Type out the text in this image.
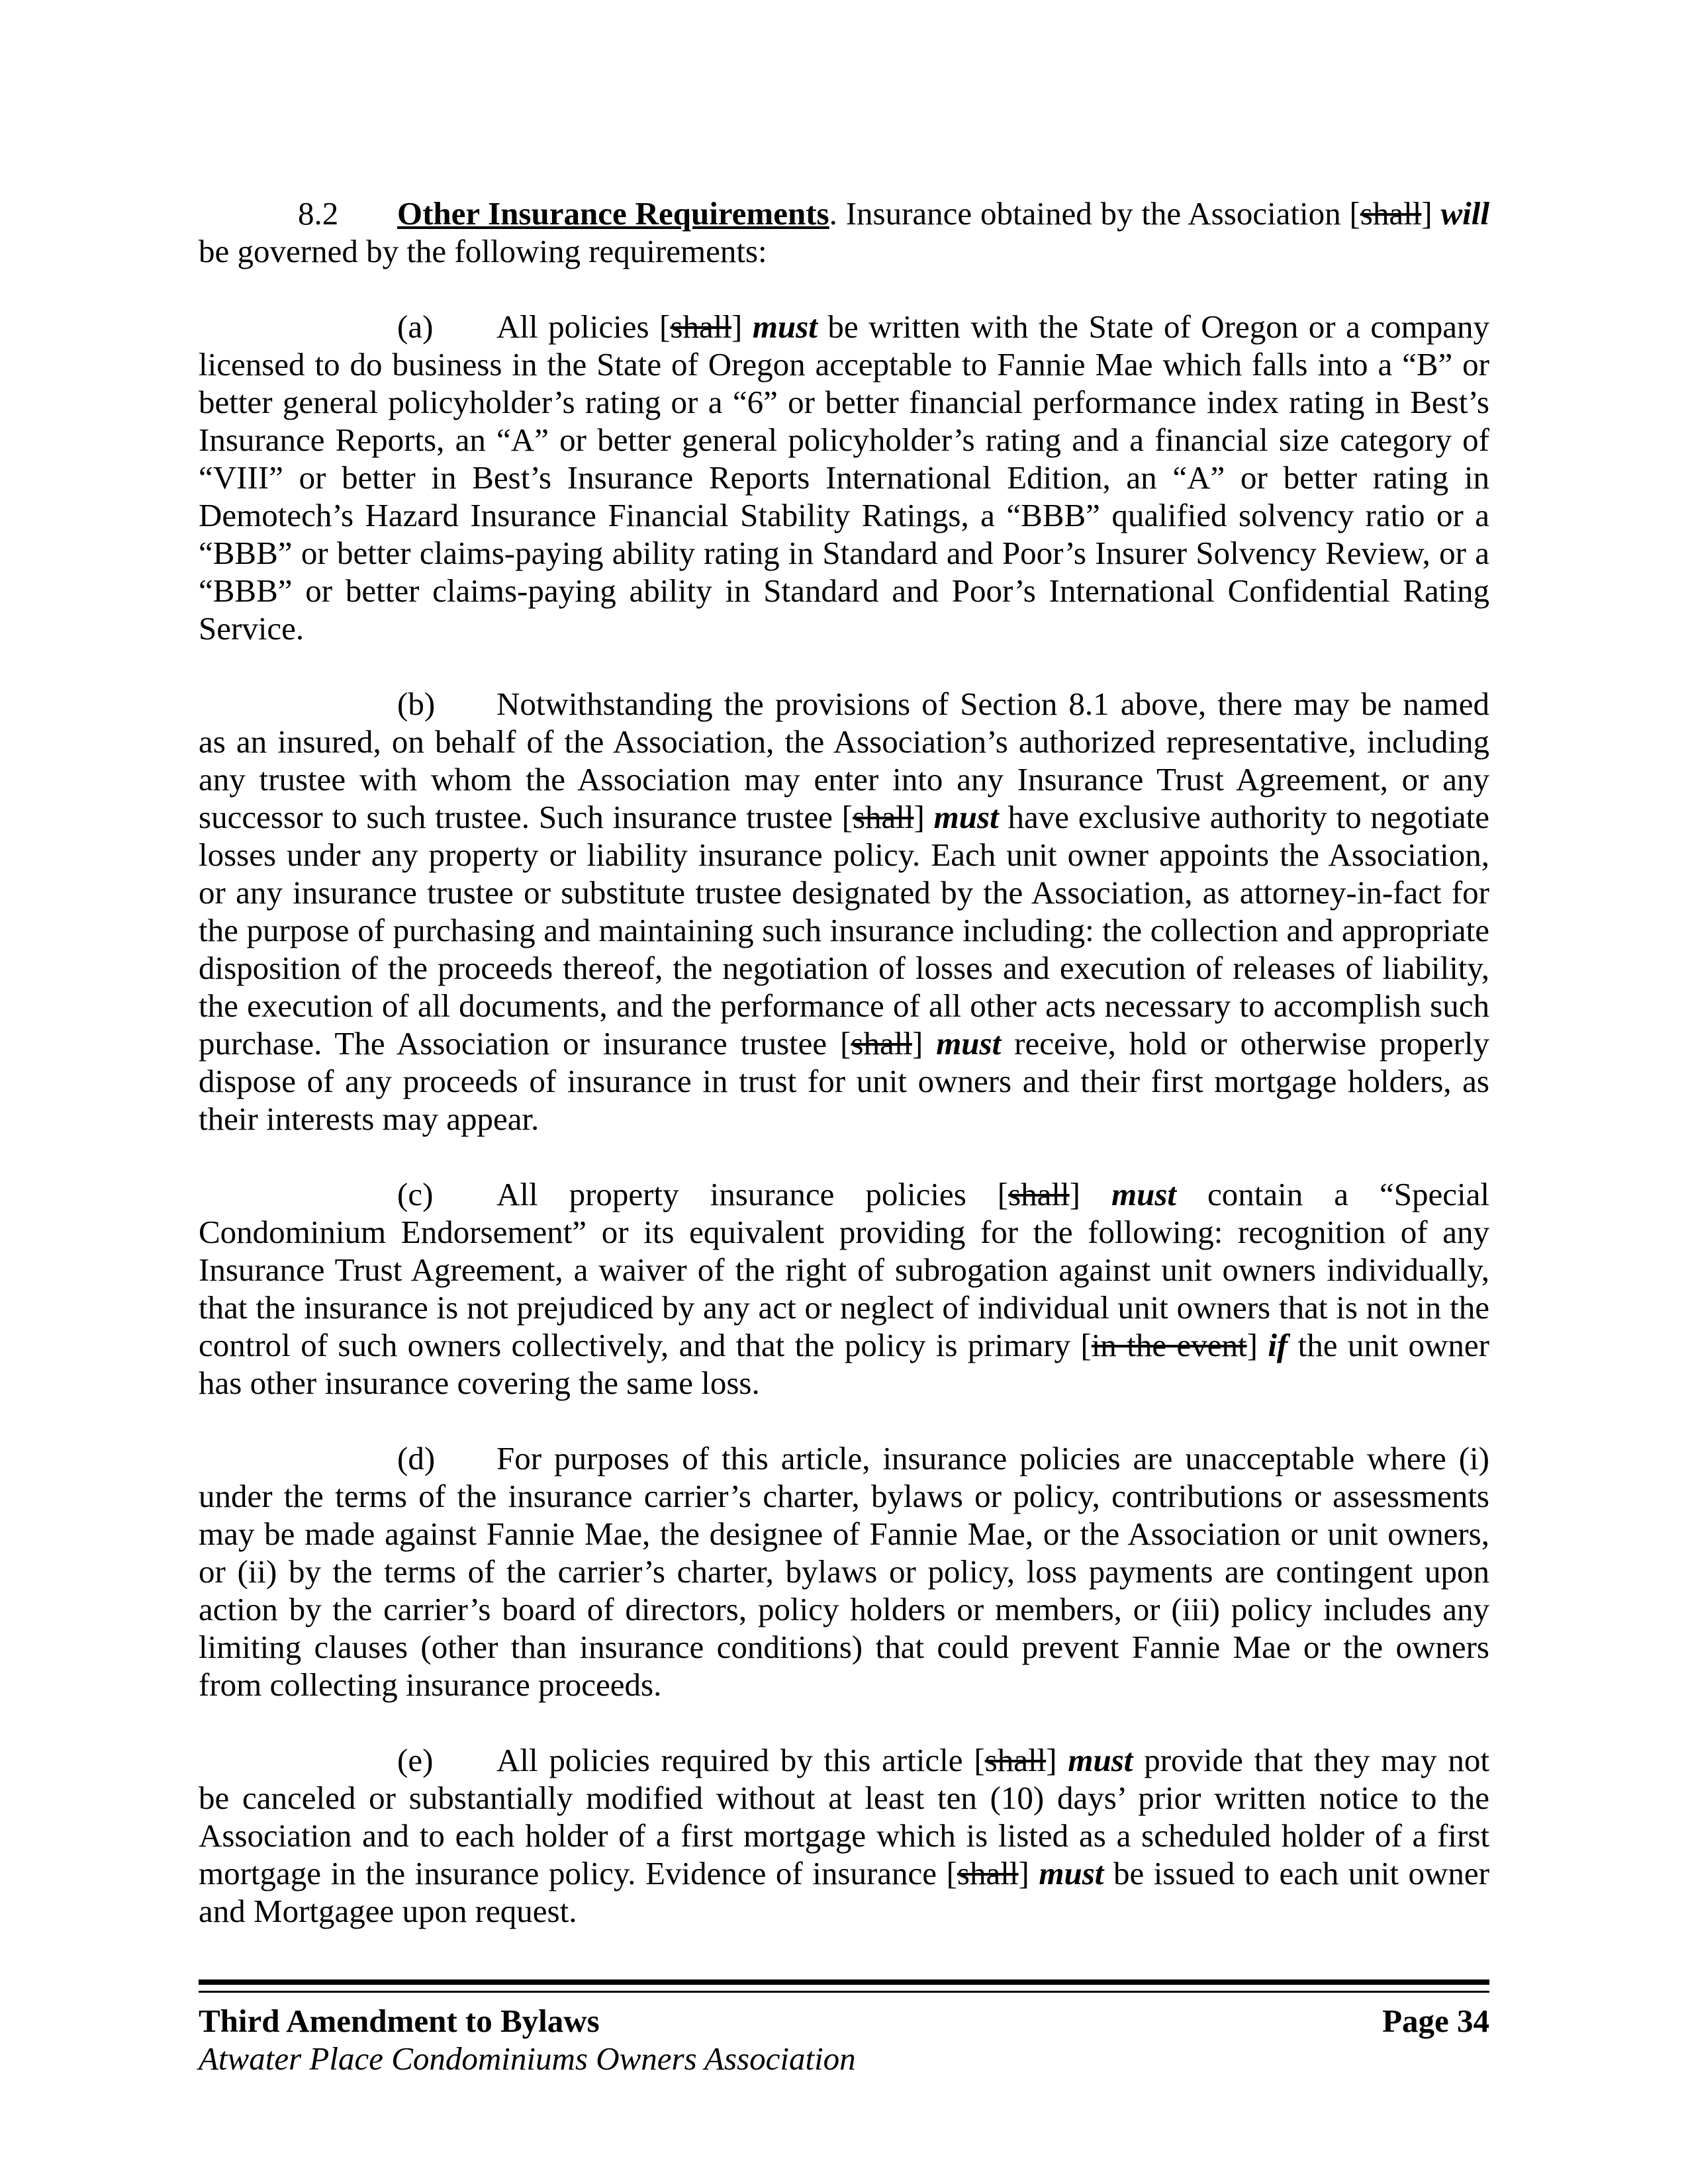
8.2 Other Insurance Requirements. Insurance obtained by the Association [shall] will be governed by the following requirements:

(a) All policies [shall] must be written with the State of Oregon or a company licensed to do business in the State of Oregon acceptable to Fannie Mae which falls into a “B” or better general policyholder’s rating or a “6” or better financial performance index rating in Best’s Insurance Reports, an “A” or better general policyholder’s rating and a financial size category of “VIII” or better in Best’s Insurance Reports International Edition, an “A” or better rating in Demotech’s Hazard Insurance Financial Stability Ratings, a “BBB” qualified solvency ratio or a “BBB” or better claims-paying ability rating in Standard and Poor’s Insurer Solvency Review, or a “BBB” or better claims-paying ability in Standard and Poor’s International Confidential Rating Service.

(b) Notwithstanding the provisions of Section 8.1 above, there may be named as an insured, on behalf of the Association, the Association’s authorized representative, including any trustee with whom the Association may enter into any Insurance Trust Agreement, or any successor to such trustee. Such insurance trustee [shall] must have exclusive authority to negotiate losses under any property or liability insurance policy. Each unit owner appoints the Association, or any insurance trustee or substitute trustee designated by the Association, as attorney-in-fact for the purpose of purchasing and maintaining such insurance including: the collection and appropriate disposition of the proceeds thereof, the negotiation of losses and execution of releases of liability, the execution of all documents, and the performance of all other acts necessary to accomplish such purchase. The Association or insurance trustee [shall] must receive, hold or otherwise properly dispose of any proceeds of insurance in trust for unit owners and their first mortgage holders, as their interests may appear.

(c) All property insurance policies [shall] must contain a “Special Condominium Endorsement” or its equivalent providing for the following: recognition of any Insurance Trust Agreement, a waiver of the right of subrogation against unit owners individually, that the insurance is not prejudiced by any act or neglect of individual unit owners that is not in the control of such owners collectively, and that the policy is primary [in the event] if the unit owner has other insurance covering the same loss.

(d) For purposes of this article, insurance policies are unacceptable where (i) under the terms of the insurance carrier’s charter, bylaws or policy, contributions or assessments may be made against Fannie Mae, the designee of Fannie Mae, or the Association or unit owners, or (ii) by the terms of the carrier’s charter, bylaws or policy, loss payments are contingent upon action by the carrier’s board of directors, policy holders or members, or (iii) policy includes any limiting clauses (other than insurance conditions) that could prevent Fannie Mae or the owners from collecting insurance proceeds.

(e) All policies required by this article [shall] must provide that they may not be canceled or substantially modified without at least ten (10) days’ prior written notice to the Association and to each holder of a first mortgage which is listed as a scheduled holder of a first mortgage in the insurance policy. Evidence of insurance [shall] must be issued to each unit owner and Mortgagee upon request.

Third Amendment to Bylaws	Page 34
Atwater Place Condominiums Owners Association
